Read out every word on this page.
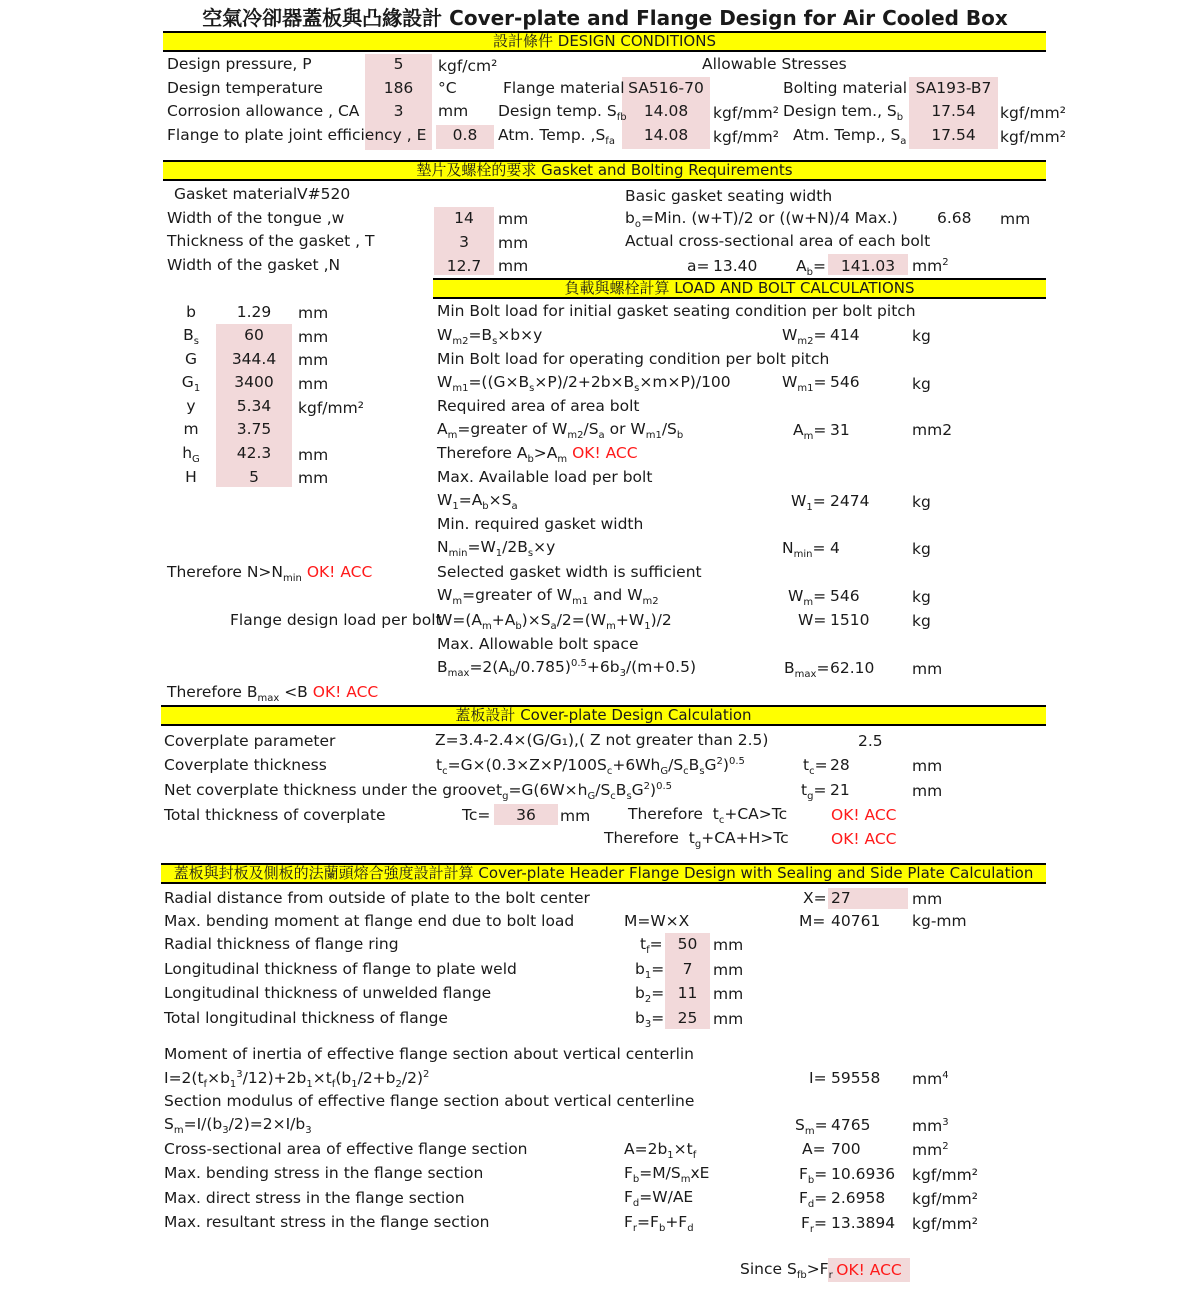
空氣冷卻器蓋板與凸緣設計 Cover-plate and Flange Design for Air Cooled Box
設計條件 DESIGN CONDITIONS
Design pressure, P	5	kgf/cm²	Allowable Stresses
Design temperature	186	°C	Flange material SA516-70	Bolting material SA193-B7
Corrosion allowance , CA	3	mm Design temp. $S_{fb}$	14.08	kgf/mm² Design tem., $S_b$	17.54	kgf/mm²
Flange to plate joint efficiency , E	0.8	Atm. Temp. $,S_{fa}$	14.08	kgf/mm² Atm. Temp., $S_a$	17.54	kgf/mm²
墊片及螺栓的要求 Gasket and Bolting Requirements
Gasket material V#520	Basic gasket seating width
Width of the tongue ,w	14	mm	$b_o=Min$. (w+T)/2 or ((w+N)/4 Max.)	6.68 mm
Thickness of the gasket , T	3	mm	Actual cross-sectional area of each bolt
Width of the gasket ,N	12.7	mm	a= 13.40 $A_b= 141.03$	$mm^2$
負載與螺栓計算 LOAD AND BOLT CALCULATIONS
b	1.29	mm
$B_s$	60	mm
G	344.4	mm
$G_1$	3400	mm
y	5.34	kgf/mm²
m	3.75
$h_G$	42.3	mm
H	5	mm
Min Bolt load for initial gasket seating condition per bolt pitch
$W_{m2}=B_s\times b\times y$	$W_{m2}= 414$	kg
Min Bolt load for operating condition per bolt pitch
$W_{m1}=((G\times B_s\times P)/2+2b\times B_s\times m\times P)/100$	$W_{m1}= 546$	kg
Required area of area bolt
$A_m=greater$ of $W_{m2}/S_a$ or $W_{m1}/S_b$	$A_m= 31$	mm2
Therefore $A_b>A_m$ OK! ACC
Max. Available load per bolt
$W_1=A_b\times S_a$	$W_1= 2474$	kg
Min. required gasket width
$N_{min}=W_1/2B_s\times y$	$N_{min}= 4$	kg
Therefore $N>N_{min}$ OK! ACC	Selected gasket width is sufficient
$W_m=greater$ of $W_{m1}$ and $W_{m2}$	$W_m= 546$	kg
Flange design load per bolt
$W=(A_m+A_b)\times S_a/2=(W_m+W_1)/2$	W= 1510	kg
Max. Allowable bolt space
$B_{max}=2(A_b/0.785)^{0.5}+6b_3/(m+0.5)$	$B_{max}= 62.10$ mm
Therefore $B_{max} <B$ OK! ACC
蓋板設計 Cover-plate Design Calculation
Coverplate parameter	Z=3.4-2.4×(G/G₁),( Z not greater than 2.5)	2.5
Coverplate thickness	$t_c=G\times(0.3\times Z\times P/100S_c+6Wh_G/S_cB_sG^2)^{0.5}$	$t_c= 28$	mm
Net coverplate thickness under the groove $t_g=G(6W\times h_G/S_cB_sG^2)^{0.5}$	$t_g= 21$	mm
Total thickness of coverplate	Tc=	36	mm Therefore  $t_c+CA>Tc$	OK! ACC
Therefore  $t_g+CA+H>Tc$	OK! ACC
蓋板與封板及側板的法蘭頭熔合強度設計計算 Cover-plate Header Flange Design with Sealing and Side Plate Calculation
Radial distance from outside of plate to the bolt center	X= 27	mm
Max. bending moment at flange end due to bolt load	M=W×X	M= 40761 kg-mm
Radial thickness of flange ring	$t_f= 50$	mm
Longitudinal thickness of flange to plate weld	$b_1=$	7	mm
Longitudinal thickness of unwelded flange	$b_2= 11$	mm
Total longitudinal thickness of flange	$b_3= 25$	mm
Moment of inertia of effective flange section about vertical centerlin
$I=2(t_f\times b_1^3/12)+2b_1\times t_f(b_1/2+b_2/2)^2$	I= 59558 $mm^4$
Section modulus of effective flange section about vertical centerline
$S_m=I/(b_3/2)=2\times I/b_3$	$S_m= 4765$	$mm^3$
Cross-sectional area of effective flange section	$A=2b_1\times t_f$	A= 700	$mm^2$
Max. bending stress in the flange section	$F_b=M/S_mxE$	$F_b= 10.6936$ kgf/mm²
Max. direct stress in the flange section	$F_d=W/AE$	$F_d= 2.6958$ kgf/mm²
Max. resultant stress in the flange section	$F_r=F_b+F_d$	$F_r= 13.3894$ kgf/mm²
Since $S_{fb}>F_r$ OK! ACC
